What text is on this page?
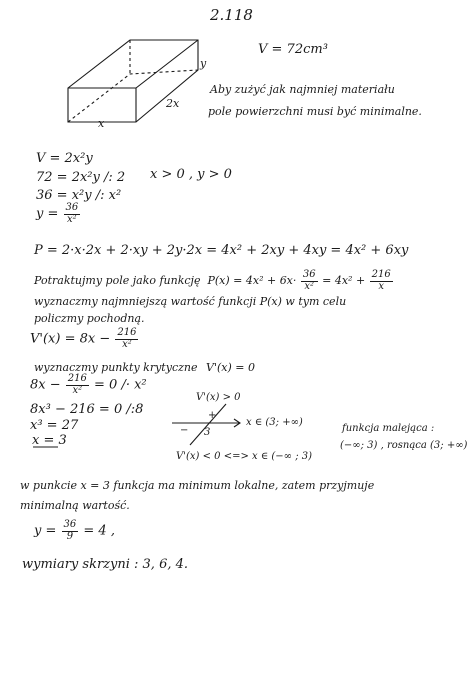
2.118
y
2x
x
V = 72cm³
Aby zużyć jak najmniej materiału
pole powierzchni musi być minimalne.
V = 2x²y
72 = 2x²y /: 2
36 = x²y /: x²
$y = \frac{36}{\text{x²}}$
x > 0 , y > 0
P = 2·x·2x + 2·xy + 2y·2x = 4x² + 2xy + 4xy = 4x² + 6xy
Potraktujmy pole jako funkcję $P(x) = 4x^2 + 6x\cdot \frac{36}{\text{x²}} = 4x^2 + \frac{216}{x}$
wyznaczmy najmniejszą wartość funkcji P(x) w tym celu
policzmy pochodną.
$V'(x) = 8x - \frac{216}{\text{x²}}$
wyznaczmy punkty krytyczne V'(x) = 0
$8x - \frac{216}{\text{x²}} = 0 /\cdot x^2$
8x³ − 216 = 0 /:8
x³ = 27
x = 3
V'(x) > 0
x ∈ (3; +∞)
+
− 3
V'(x) < 0 <=> x ∈ (−∞ ; 3)
funkcja malejąca :
(−∞; 3) , rosnąca (3; +∞)
w punkcie x = 3 funkcja ma minimum lokalne, zatem przyjmuje
minimalną wartość.
$y = \frac{36}{9} = 4$ ,
wymiary skrzyni : 3, 6, 4.
